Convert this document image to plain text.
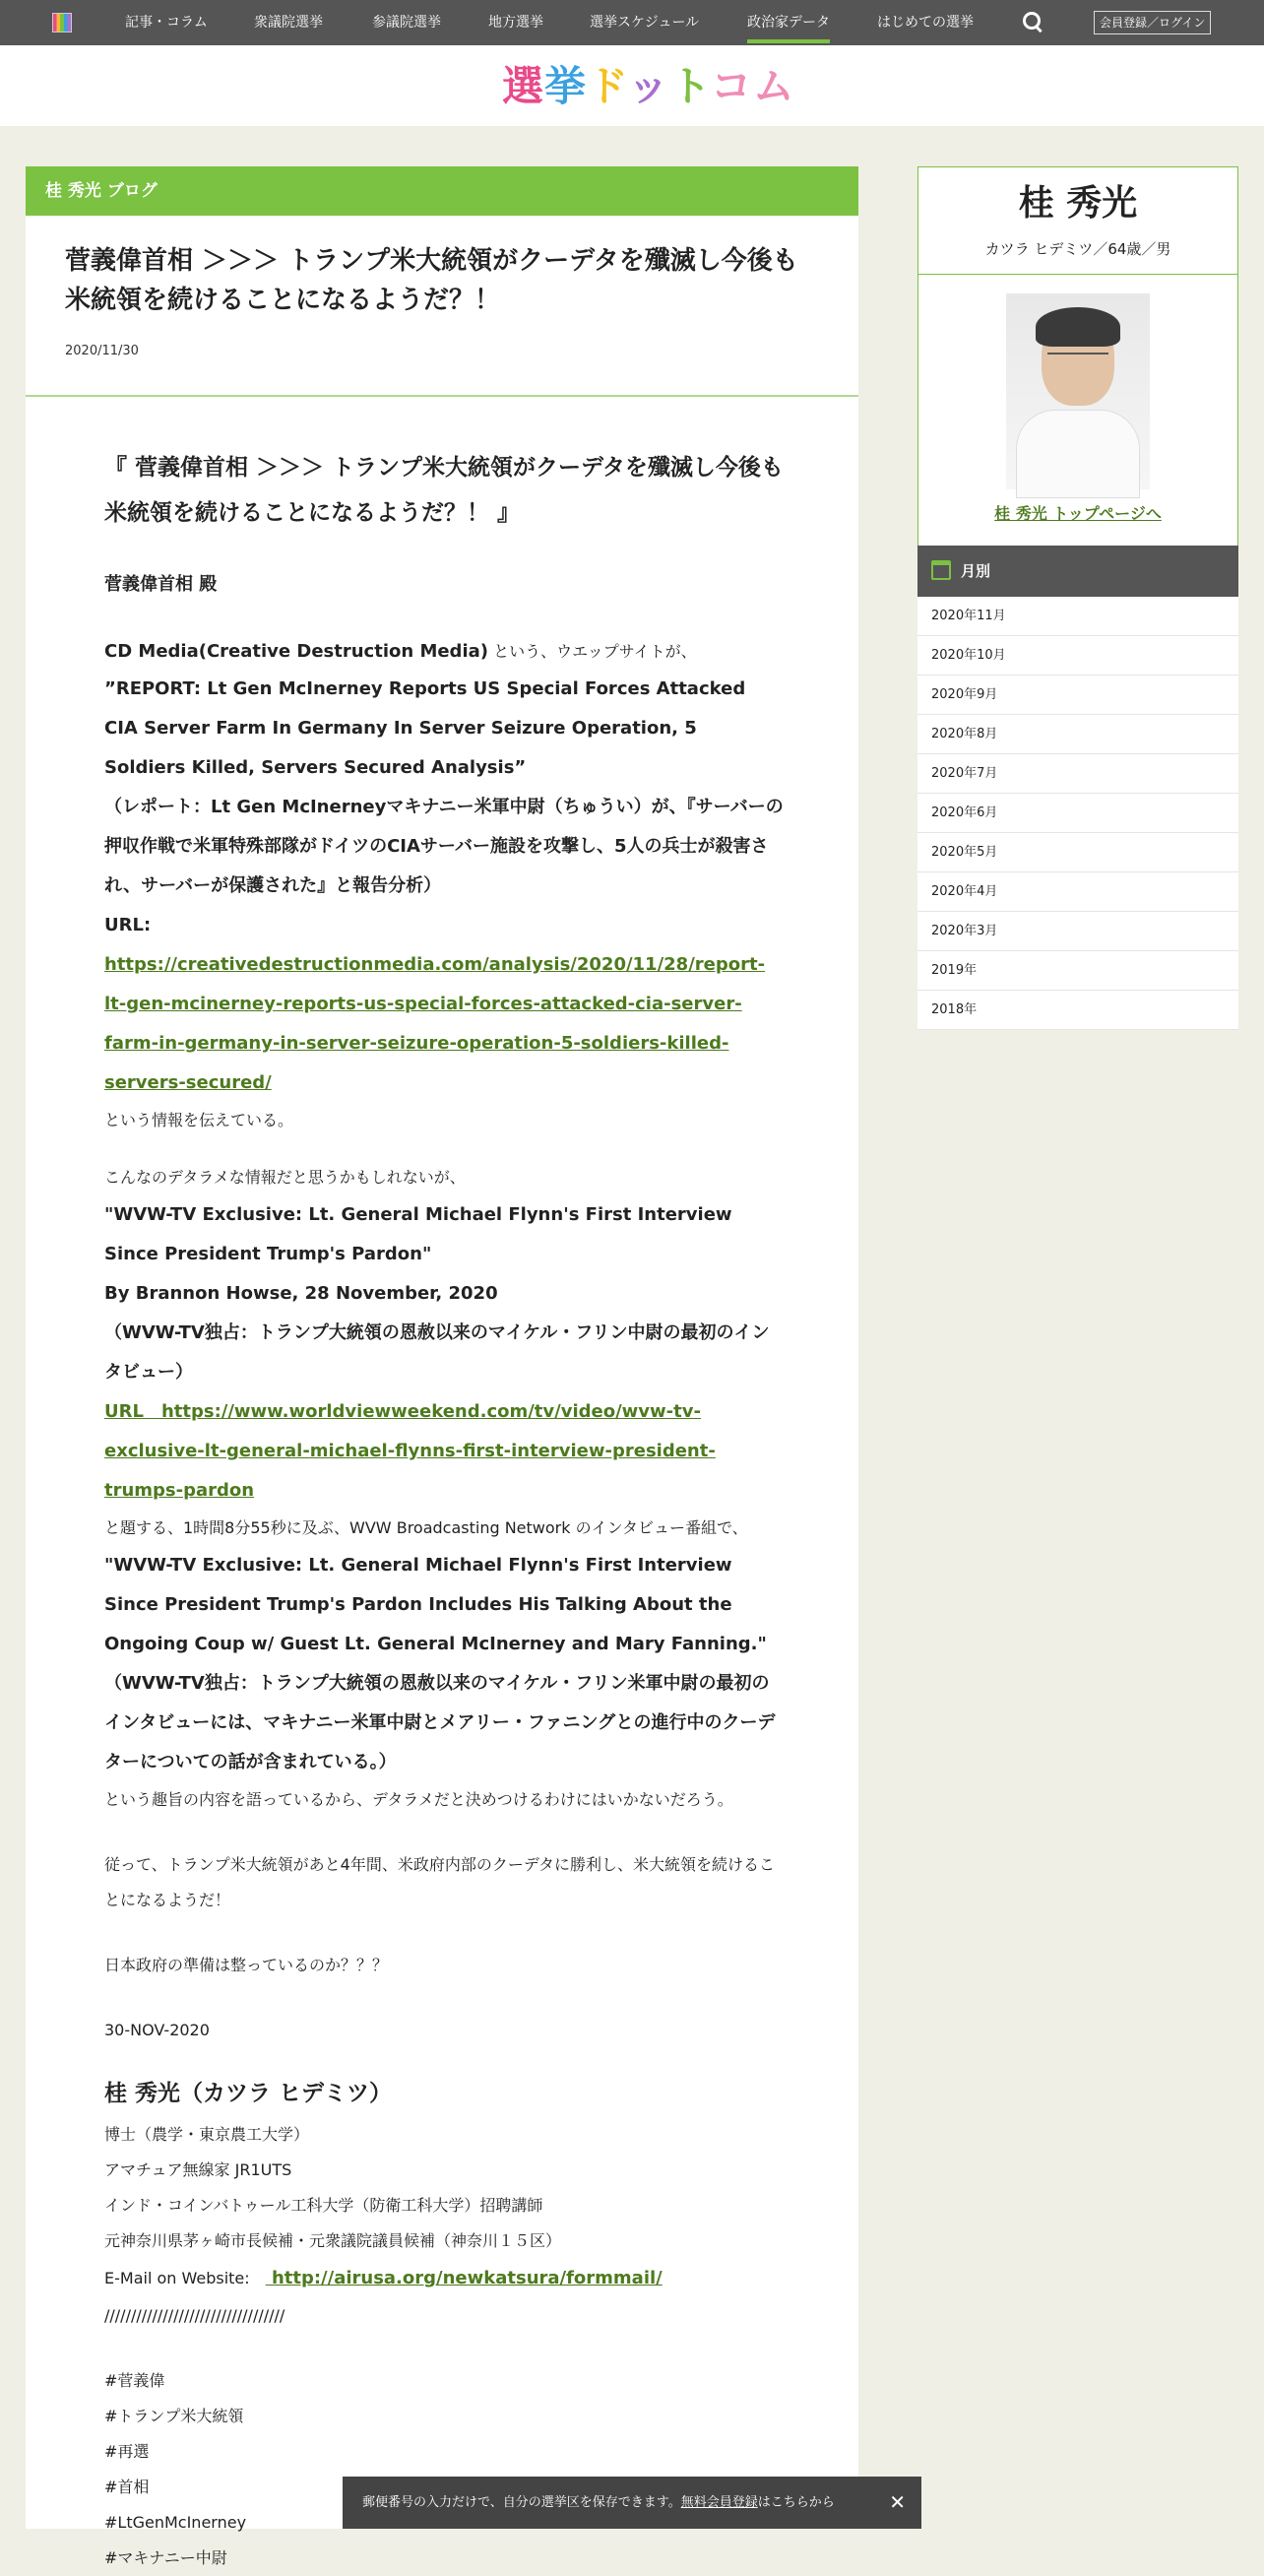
記事・コラム	衆議院選挙	参議院選挙	地方選挙	選挙スケジュール	政治家データ	はじめての選挙	会員登録／ログイン
選挙ドットコム
桂 秀光 ブログ
菅義偉首相 ＞＞＞ トランプ米大統領がクーデタを殲滅し今後も米統領を続けることになるようだ？！
2020/11/30

『 菅義偉首相 ＞＞＞ トランプ米大統領がクーデタを殲滅し今後も米統領を続けることになるようだ？！ 』

菅義偉首相 殿

CD Media(Creative Destruction Media) という、ウエップサイトが、

”REPORT: Lt Gen McInerney Reports US Special Forces Attacked CIA Server Farm In Germany In Server Seizure Operation, 5 Soldiers Killed, Servers Secured Analysis”

（レポート：Lt Gen McInerneyマキナニー米軍中尉（ちゅうい）が、『サーバーの押収作戦で米軍特殊部隊がドイツのCIAサーバー施設を攻撃し、5人の兵士が殺害され、サーバーが保護された』と報告分析）

URL: https://creativedestructionmedia.com/analysis/2020/11/28/report-lt-gen-mcinerney-reports-us-special-forces-attacked-cia-server-farm-in-germany-in-server-seizure-operation-5-soldiers-killed-servers-secured/

という情報を伝えている。

こんなのデタラメな情報だと思うかもしれないが、

"WVW-TV Exclusive: Lt. General Michael Flynn's First Interview Since President Trump's Pardon"

By Brannon Howse, 28 November, 2020

（WVW-TV独占：トランプ大統領の恩赦以来のマイケル・フリン中尉の最初のインタビュー）

URL　https://www.worldviewweekend.com/tv/video/wvw-tv-exclusive-lt-general-michael-flynns-first-interview-president-trumps-pardon

と題する、1時間8分55秒に及ぶ、WVW Broadcasting Network のインタビュー番組で、

"WVW-TV Exclusive: Lt. General Michael Flynn's First Interview Since President Trump's Pardon Includes His Talking About the Ongoing Coup w/ Guest Lt. General McInerney and Mary Fanning."

（WVW-TV独占：トランプ大統領の恩赦以来のマイケル・フリン米軍中尉の最初のインタビューには、マキナニー米軍中尉とメアリー・ファニングとの進行中のクーデターについての話が含まれている。）

という趣旨の内容を語っているから、デタラメだと決めつけるわけにはいかないだろう。

従って、トランプ米大統領があと4年間、米政府内部のクーデタに勝利し、米大統領を続けることになるようだ！

日本政府の準備は整っているのか？？？

30-NOV-2020

桂 秀光（カツラ ヒデミツ）

博士（農学・東京農工大学）

アマチュア無線家 JR1UTS

インド・コインバトゥール工科大学（防衛工科大学）招聘講師

元神奈川県茅ヶ崎市長候補・元衆議院議員候補（神奈川１５区）

E-Mail on Website:　 http://airusa.org/newkatsura/formmail/

//////////////////////////////////

#菅義偉

#トランプ米大統領

#再選

#首相

#LtGenMcInerney

#マキナニー中尉

桂 秀光
カツラ ヒデミツ／64歳／男
桂 秀光 トップページへ
月別
2020年11月
2020年10月
2020年9月
2020年8月
2020年7月
2020年6月
2020年5月
2020年4月
2020年3月
2019年
2018年
郵便番号の入力だけで、自分の選挙区を保存できます。無料会員登録はこちらから	✕
